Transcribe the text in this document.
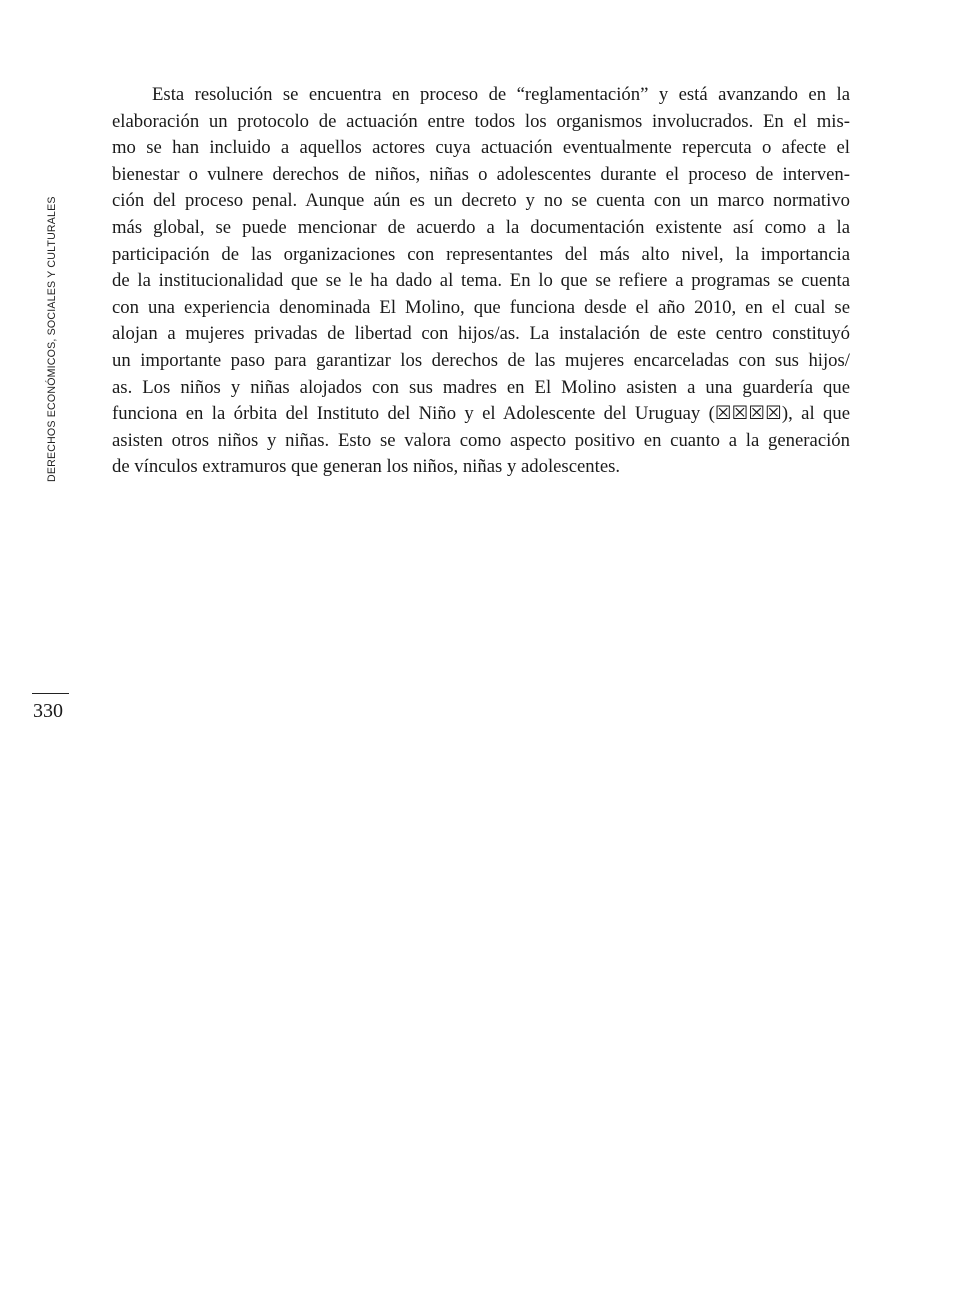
DERECHOS ECONÓMICOS, SOCIALES Y CULTURALES
Esta resolución se encuentra en proceso de “reglamentación” y está avanzando en la
elaboración un protocolo de actuación entre todos los organismos involucrados. En el mis-
mo se han incluido a aquellos actores cuya actuación eventualmente repercuta o afecte el
bienestar o vulnere derechos de niños, niñas o adolescentes durante el proceso de interven-
ción del proceso penal. Aunque aún es un decreto y no se cuenta con un marco normativo
más global, se puede mencionar de acuerdo a la documentación existente así como a la
participación de las organizaciones con representantes del más alto nivel, la importancia
de la institucionalidad que se le ha dado al tema. En lo que se refiere a programas se cuenta
con una experiencia denominada El Molino, que funciona desde el año 2010, en el cual se
alojan a mujeres privadas de libertad con hijos/as. La instalación de este centro constituyó
un importante paso para garantizar los derechos de las mujeres encarceladas con sus hijos/
as. Los niños y niñas alojados con sus madres en El Molino asisten a una guardería que
funciona en la órbita del Instituto del Niño y el Adolescente del Uruguay (☒☒☒☒), al que
asisten otros niños y niñas. Esto se valora como aspecto positivo en cuanto a la generación
de vínculos extramuros que generan los niños, niñas y adolescentes.
330
